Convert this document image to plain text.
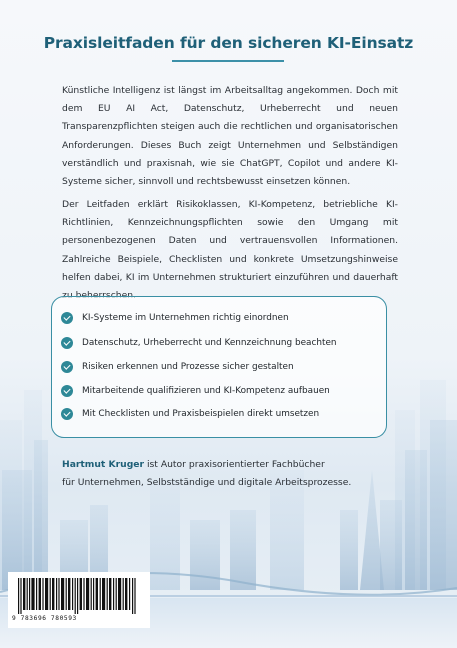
Praxisleitfaden für den sicheren KI-Einsatz

Künstliche Intelligenz ist längst im Arbeitsalltag angekommen. Doch mit dem EU AI Act, Datenschutz, Urheberrecht und neuen Transparenzpflichten steigen auch die rechtlichen und organisatorischen Anforderungen. Dieses Buch zeigt Unternehmen und Selbständigen verständlich und praxisnah, wie sie ChatGPT, Copilot und andere KI-Systeme sicher, sinnvoll und rechtsbewusst einsetzen können.

Der Leitfaden erklärt Risikoklassen, KI-Kompetenz, betriebliche KI-Richtlinien, Kennzeichnungspflichten sowie den Umgang mit personenbezogenen Daten und vertrauensvollen Informationen. Zahlreiche Beispiele, Checklisten und konkrete Umsetzungshinweise helfen dabei, KI im Unternehmen strukturiert einzuführen und dauerhaft

KI-Systeme im Unternehmen richtig einordnen
Datenschutz, Urheberrecht und Kennzeichnung beachten
Risiken erkennen und Prozesse sicher gestalten
Mitarbeitende qualifizieren und KI-Kompetenz aufbauen
Mit Checklisten und Praxisbeispielen direkt umsetzen
Hartmut Kruger ist Autor praxisorientierter Fachbücher
für Unternehmen, Selbstständige und digitale Arbeitsprozesse.
9 783696 780593
